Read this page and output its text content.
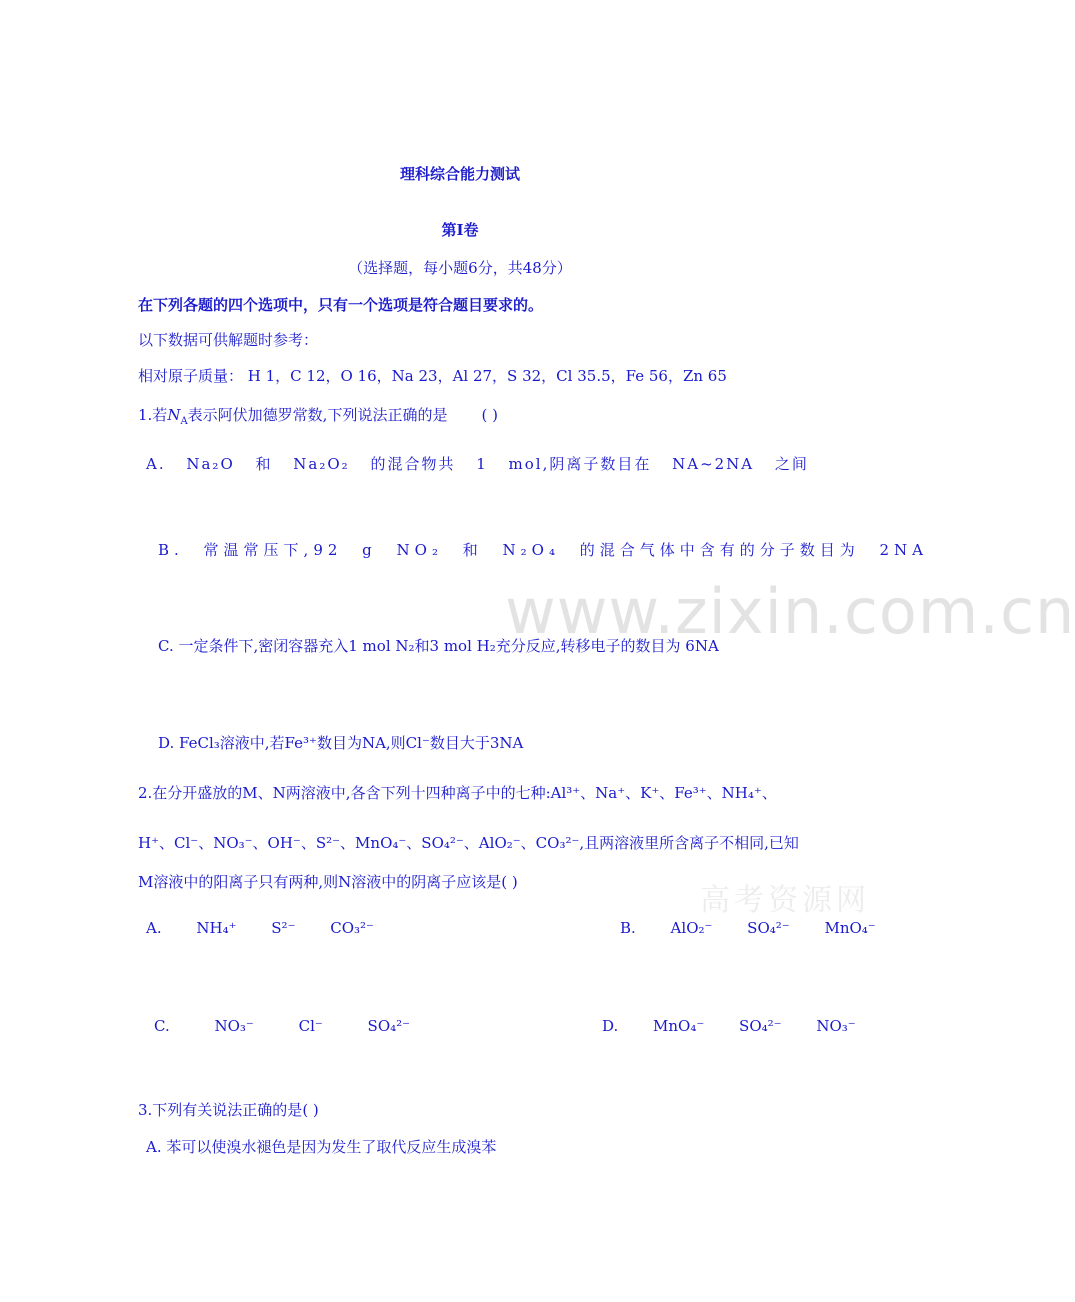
www.zixin.com.cn
高考资源网
理科综合能力测试
第Ⅰ卷
（选择题，每小题6分，共48分）
在下列各题的四个选项中，只有一个选项是符合题目要求的。
以下数据可供解题时参考：
相对原子质量： H 1，C 12，O 16，Na 23，Al 27，S 32，Cl 35.5，Fe 56，Zn 65
1.若$N_A$表示阿伏加德罗常数,下列说法正确的是 ( )
A. Na₂O 和 Na₂O₂ 的混合物共 1 mol,阴离子数目在 NA~2NA 之间
B. 常温常压下,92 g NO₂ 和 N₂O₄ 的混合气体中含有的分子数目为 2NA
C. 一定条件下,密闭容器充入1 mol N₂和3 mol H₂充分反应,转移电子的数目为 6NA
D. FeCl₃溶液中,若Fe³⁺数目为NA,则Cl⁻数目大于3NA
2.在分开盛放的M、N两溶液中,各含下列十四种离子中的七种:Al³⁺、Na⁺、K⁺、Fe³⁺、NH₄⁺、
H⁺、Cl⁻、NO₃⁻、OH⁻、S²⁻、MnO₄⁻、SO₄²⁻、AlO₂⁻、CO₃²⁻,且两溶液里所含离子不相同,已知
M溶液中的阳离子只有两种,则N溶液中的阴离子应该是( )
A. NH₄⁺ S²⁻ CO₃²⁻	B. AlO₂⁻ SO₄²⁻ MnO₄⁻
C. NO₃⁻ Cl⁻ SO₄²⁻	D. MnO₄⁻ SO₄²⁻ NO₃⁻
3.下列有关说法正确的是( )
A. 苯可以使溴水褪色是因为发生了取代反应生成溴苯
